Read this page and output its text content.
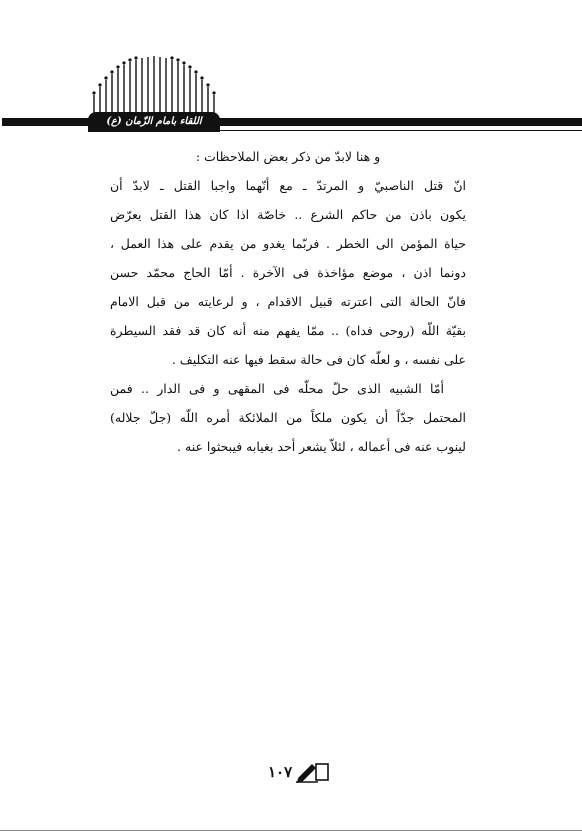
اللقاء بامام الزّمان (ع)
و هنا لابدّ من ذكر بعض الملاحظات :
انّ قتل الناصبيّ و المرتدّ ـ مع أنّهما واجبا القتل ـ لابدّ أن
يكون باذن من حاكم الشرع .. خاصّة اذا كان هذا القتل يعرّض
حياة المؤمن الى الخطر . فربّما يغدو من يقدم على هذا العمل ،
دونما اذن ، موضع مؤاخذة فى الآخرة . أمّا الحاج محمّد حسن
فانّ الحالة التى اعترته قبيل الاقدام ، و لرعايته من قبل الامام
بقيّة اللّه (روحى فداه) .. ممّا يفهم منه أنه كان قد فقد السيطرة
على نفسه ، و لعلّه كان فى حالة سقط فيها عنه التكليف .
أمّا الشبيه الذى حلّ محلّه فى المقهى و فى الدار .. فمن
المحتمل جدّاً أن يكون ملكاً من الملائكة أمره اللّه (جلّ جلاله)
لينوب عنه فى أعماله ، لئلاّ يشعر أحد بغيابه فيبحثوا عنه .
١٠٧
